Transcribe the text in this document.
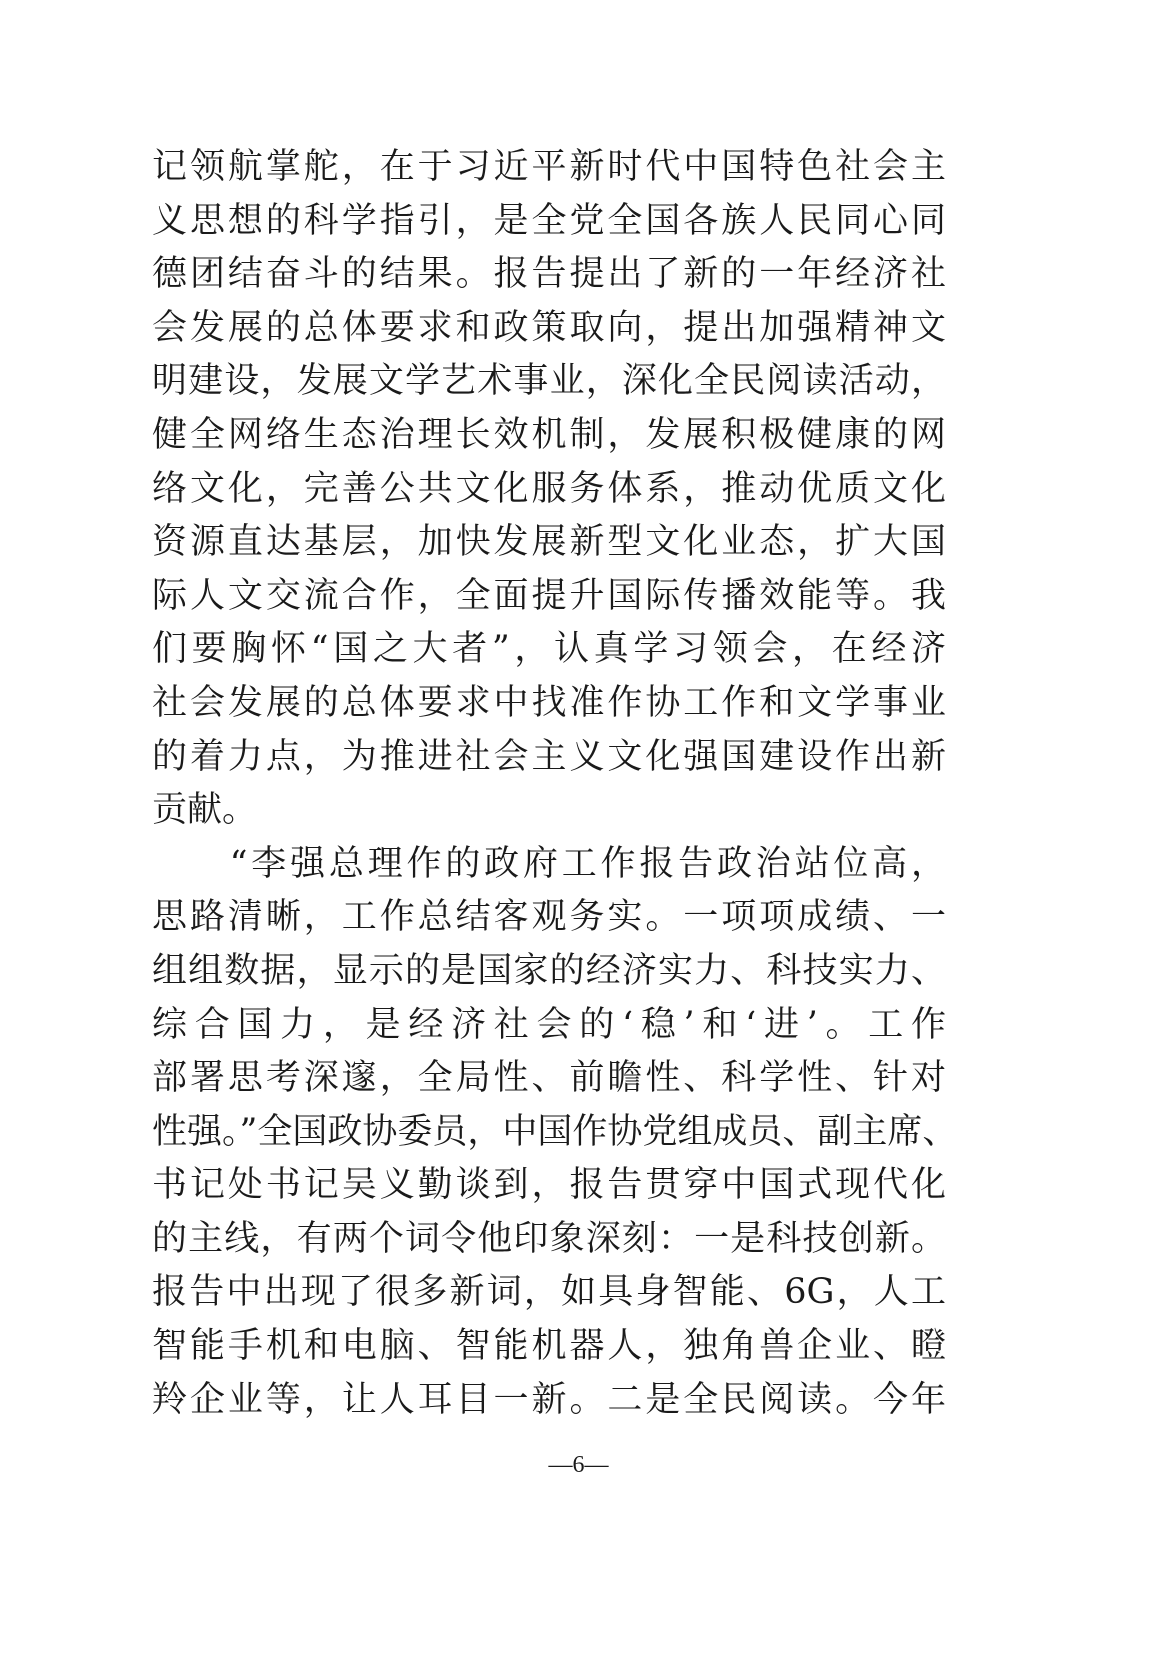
记领航掌舵，在于习近平新时代中国特色社会主
义思想的科学指引，是全党全国各族人民同心同
德团结奋斗的结果。报告提出了新的一年经济社
会发展的总体要求和政策取向，提出加强精神文
明建设，发展文学艺术事业，深化全民阅读活动，
健全网络生态治理长效机制，发展积极健康的网
络文化，完善公共文化服务体系，推动优质文化
资源直达基层，加快发展新型文化业态，扩大国
际人文交流合作，全面提升国际传播效能等。我
们要胸怀“国之大者”，认真学习领会，在经济
社会发展的总体要求中找准作协工作和文学事业
的着力点，为推进社会主义文化强国建设作出新
贡献。
　　“李强总理作的政府工作报告政治站位高，
思路清晰，工作总结客观务实。一项项成绩、一
组组数据，显示的是国家的经济实力、科技实力、
综合国力，是经济社会的‘稳’和‘进’。工作
部署思考深邃，全局性、前瞻性、科学性、针对
性强。”全国政协委员，中国作协党组成员、副主席、
书记处书记吴义勤谈到，报告贯穿中国式现代化
的主线，有两个词令他印象深刻：一是科技创新。
报告中出现了很多新词，如具身智能、6G，人工
智能手机和电脑、智能机器人，独角兽企业、瞪
羚企业等，让人耳目一新。二是全民阅读。今年
—6—
